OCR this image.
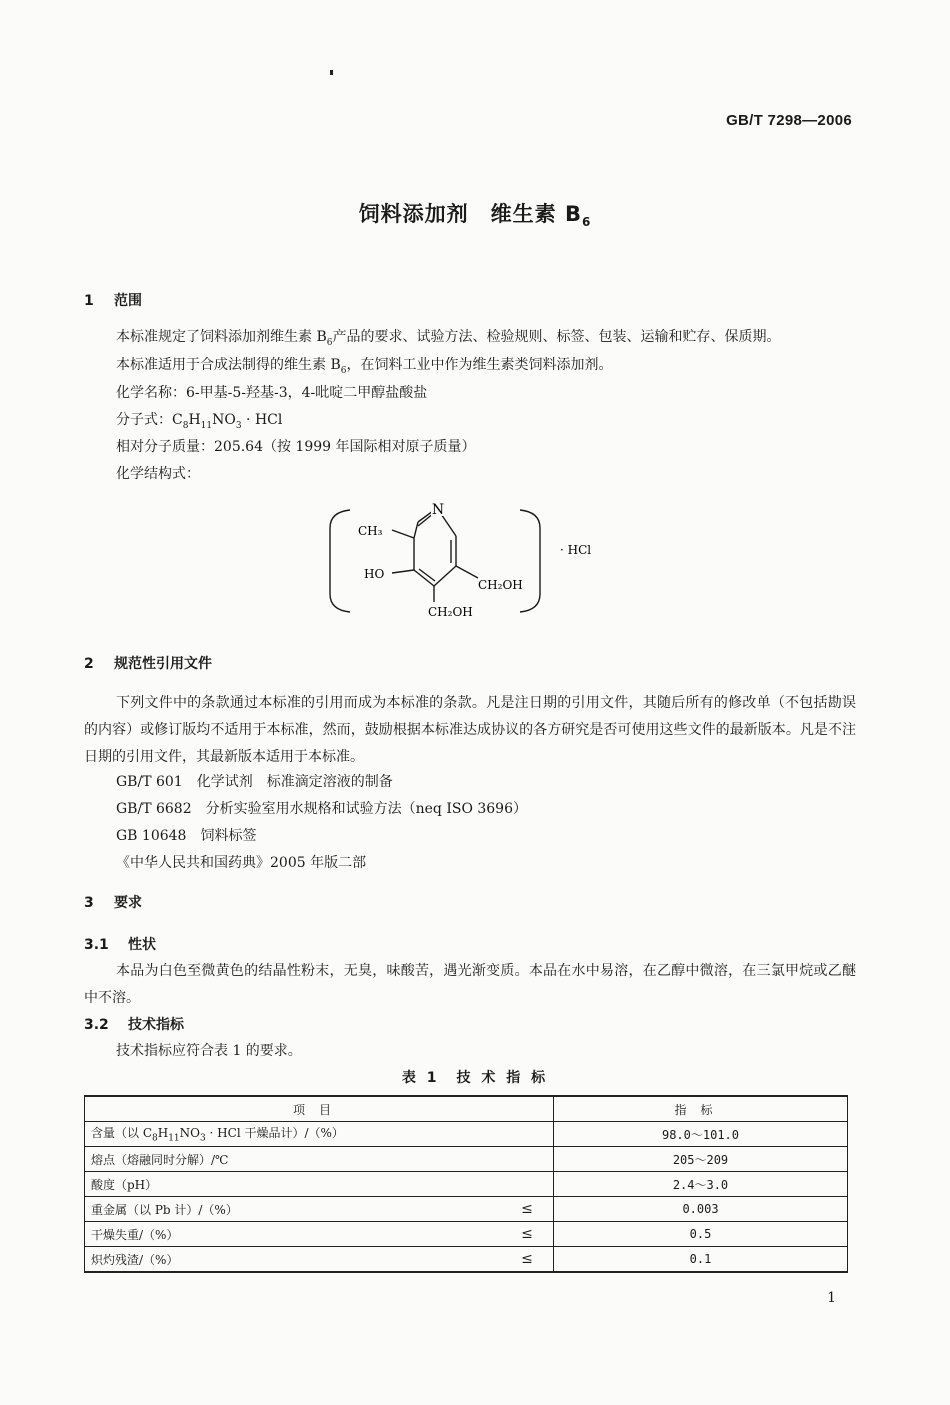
GB/T 7298—2006
饲料添加剂　维生素 $B_6$
1 范围
本标准规定了饲料添加剂维生素 $B_6$产品的要求、试验方法、检验规则、标签、包装、运输和贮存、保质期。
本标准适用于合成法制得的维生素 $B_6$，在饲料工业中作为维生素类饲料添加剂。
化学名称：6-甲基-5-羟基-3，4-吡啶二甲醇盐酸盐
分子式：$C_8H_{11}NO_3$ · HCl
相对分子质量：205.64（按 1999 年国际相对原子质量）
化学结构式：
N
CH₃
HO
CH₂OH
CH₂OH
· HCl
2 规范性引用文件
下列文件中的条款通过本标准的引用而成为本标准的条款。凡是注日期的引用文件，其随后所有的修改单（不包括勘误的内容）或修订版均不适用于本标准，然而，鼓励根据本标准达成协议的各方研究是否可使用这些文件的最新版本。凡是不注日期的引用文件，其最新版本适用于本标准。
GB/T 601　化学试剂　标准滴定溶液的制备
GB/T 6682　分析实验室用水规格和试验方法（neq ISO 3696）
GB 10648　饲料标签
《中华人民共和国药典》2005 年版二部
3 要求
3.1 性状
本品为白色至微黄色的结晶性粉末，无臭，味酸苦，遇光渐变质。本品在水中易溶，在乙醇中微溶，在三氯甲烷或乙醚中不溶。
3.2 技术指标
技术指标应符合表 1 的要求。
表 1　技 术 指 标
项目		指标
含量（以 $C_8H_{11}NO_3$ · HCl 干燥品计）/（%）		98.0～101.0
熔点（熔融同时分解）/℃		205～209
酸度（pH）		2.4～3.0
重金属（以 Pb 计）/（%）	≤	0.003
干燥失重/（%）	≤	0.5
炽灼残渣/（%）	≤	0.1
1
